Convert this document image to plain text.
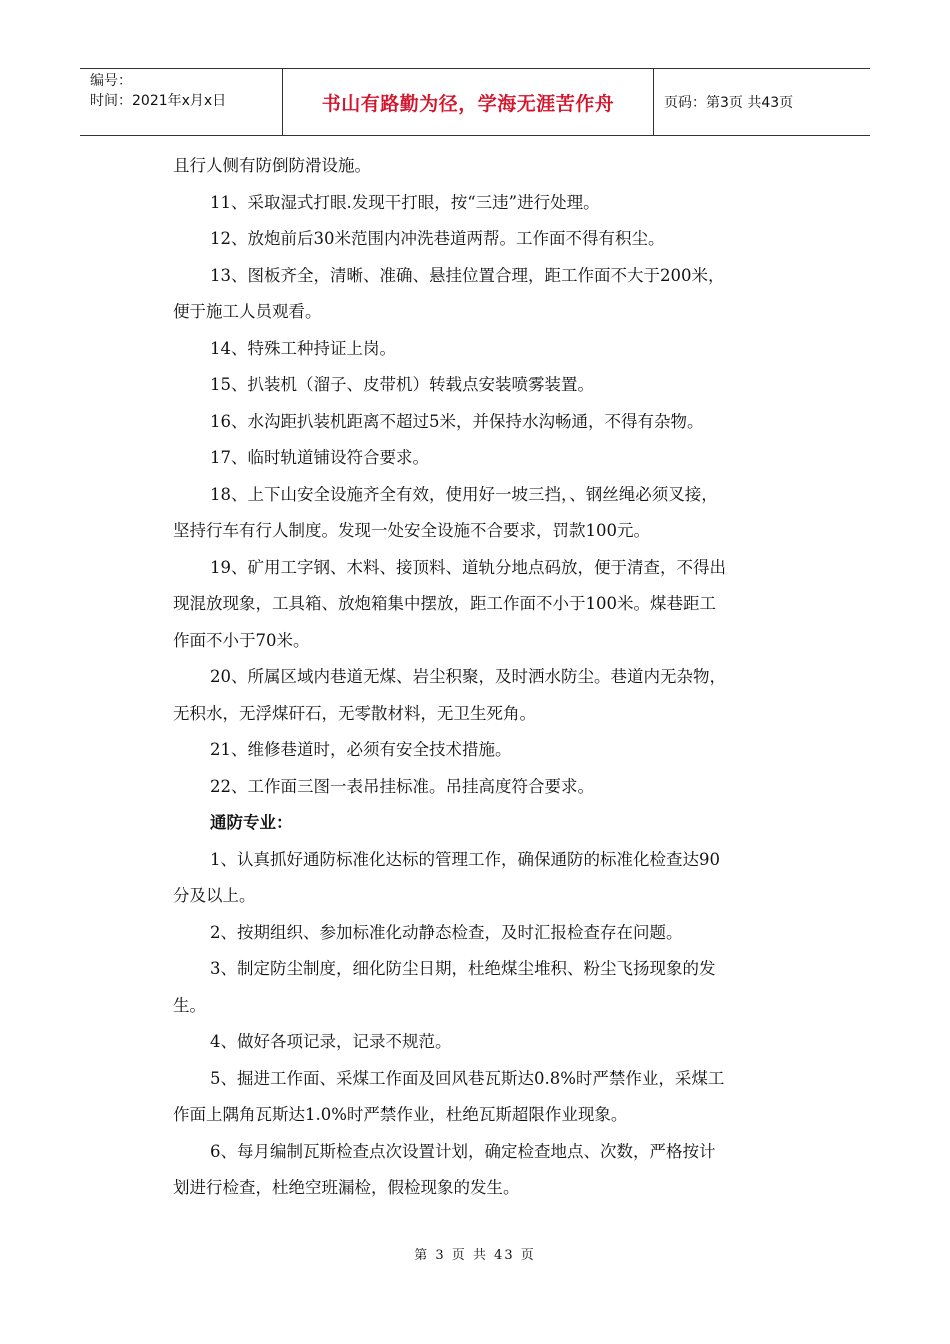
编号：
时间：2021年x月x日	书山有路勤为径，学海无涯苦作舟	页码：第3页 共43页

且行人侧有防倒防滑设施。

11、采取湿式打眼.发现干打眼，按“三违”进行处理。

12、放炮前后30米范围内冲洗巷道两帮。工作面不得有积尘。

13、图板齐全，清晰、准确、悬挂位置合理，距工作面不大于200米，

便于施工人员观看。

14、特殊工种持证上岗。

15、扒装机（溜子、皮带机）转载点安装喷雾装置。

16、水沟距扒装机距离不超过5米，并保持水沟畅通，不得有杂物。

17、临时轨道铺设符合要求。

18、上下山安全设施齐全有效，使用好一坡三挡，、钢丝绳必须叉接，

坚持行车有行人制度。发现一处安全设施不合要求，罚款100元。

19、矿用工字钢、木料、接顶料、道轨分地点码放，便于清查，不得出

现混放现象，工具箱、放炮箱集中摆放，距工作面不小于100米。煤巷距工

作面不小于70米。

20、所属区域内巷道无煤、岩尘积聚，及时洒水防尘。巷道内无杂物，

无积水，无浮煤矸石，无零散材料，无卫生死角。

21、维修巷道时，必须有安全技术措施。

22、工作面三图一表吊挂标准。吊挂高度符合要求。

通防专业：

1、认真抓好通防标准化达标的管理工作，确保通防的标准化检查达90

分及以上。

2、按期组织、参加标准化动静态检查，及时汇报检查存在问题。

3、制定防尘制度，细化防尘日期，杜绝煤尘堆积、粉尘飞扬现象的发

生。

4、做好各项记录，记录不规范。

5、掘进工作面、采煤工作面及回风巷瓦斯达0.8%时严禁作业，采煤工

作面上隅角瓦斯达1.0%时严禁作业，杜绝瓦斯超限作业现象。

6、每月编制瓦斯检查点次设置计划，确定检查地点、次数，严格按计

划进行检查，杜绝空班漏检，假检现象的发生。

第 3 页 共 43 页
